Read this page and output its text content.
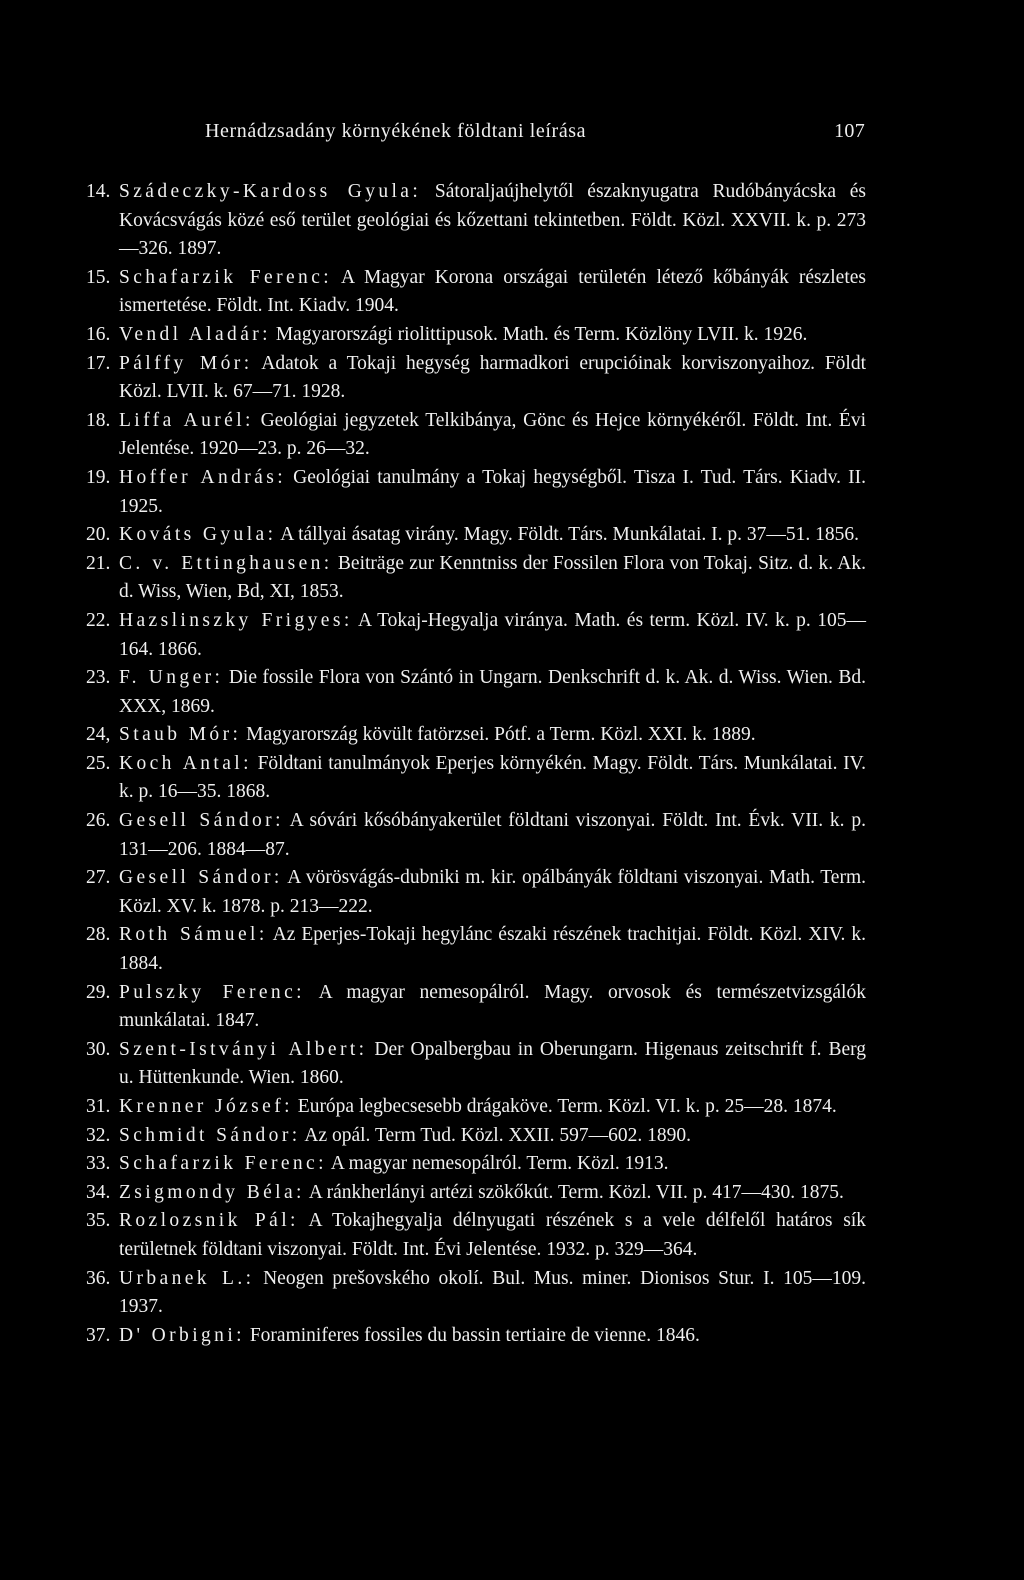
Hernádzsadány környékének földtani leírása	107
14. Szádeczky-Kardoss Gyula: Sátoraljaújhelytől északnyugatra Rudóbányácska és Kovácsvágás közé eső terület geológiai és kőzettani tekintetben. Földt. Közl. XXVII. k. p. 273—326. 1897.
15. Schafarzik Ferenc: A Magyar Korona országai területén létező kőbányák részletes ismertetése. Földt. Int. Kiadv. 1904.
16. Vendl Aladár: Magyarországi riolittipusok. Math. és Term. Közlöny LVII. k. 1926.
17. Pálffy Mór: Adatok a Tokaji hegység harmadkori erupcióinak korviszonyaihoz. Földt Közl. LVII. k. 67—71. 1928.
18. Liffa Aurél: Geológiai jegyzetek Telkibánya, Gönc és Hejce környékéről. Földt. Int. Évi Jelentése. 1920—23. p. 26—32.
19. Hoffer András: Geológiai tanulmány a Tokaj hegységből. Tisza I. Tud. Társ. Kiadv. II. 1925.
20. Kováts Gyula: A tállyai ásatag virány. Magy. Földt. Társ. Munkálatai. I. p. 37—51. 1856.
21. C. v. Ettinghausen: Beiträge zur Kenntniss der Fossilen Flora von Tokaj. Sitz. d. k. Ak. d. Wiss, Wien, Bd, XI, 1853.
22. Hazslinszky Frigyes: A Tokaj-Hegyalja viránya. Math. és term. Közl. IV. k. p. 105—164. 1866.
23. F. Unger: Die fossile Flora von Szántó in Ungarn. Denkschrift d. k. Ak. d. Wiss. Wien. Bd. XXX, 1869.
24, Staub Mór: Magyarország kövült fatörzsei. Pótf. a Term. Közl. XXI. k. 1889.
25. Koch Antal: Földtani tanulmányok Eperjes környékén. Magy. Földt. Társ. Munkálatai. IV. k. p. 16—35. 1868.
26. Gesell Sándor: A sóvári kősóbányakerület földtani viszonyai. Földt. Int. Évk. VII. k. p. 131—206. 1884—87.
27. Gesell Sándor: A vörösvágás-dubniki m. kir. opálbányák földtani viszonyai. Math. Term. Közl. XV. k. 1878. p. 213—222.
28. Roth Sámuel: Az Eperjes-Tokaji hegylánc északi részének trachitjai. Földt. Közl. XIV. k. 1884.
29. Pulszky Ferenc: A magyar nemesopálról. Magy. orvosok és természetvizsgálók munkálatai. 1847.
30. Szent-Istványi Albert: Der Opalbergbau in Oberungarn. Higenaus zeitschrift f. Berg u. Hüttenkunde. Wien. 1860.
31. Krenner József: Európa legbecsesebb drágaköve. Term. Közl. VI. k. p. 25—28. 1874.
32. Schmidt Sándor: Az opál. Term Tud. Közl. XXII. 597—602. 1890.
33. Schafarzik Ferenc: A magyar nemesopálról. Term. Közl. 1913.
34. Zsigmondy Béla: A ránkherlányi artézi szökőkút. Term. Közl. VII. p. 417—430. 1875.
35. Rozlozsnik Pál: A Tokajhegyalja délnyugati részének s a vele délfelől határos sík területnek földtani viszonyai. Földt. Int. Évi Jelentése. 1932. p. 329—364.
36. Urbanek L.: Neogen prešovského okolí. Bul. Mus. miner. Dionisos Stur. I. 105—109. 1937.
37. D' Orbigni: Foraminiferes fossiles du bassin tertiaire de vienne. 1846.
